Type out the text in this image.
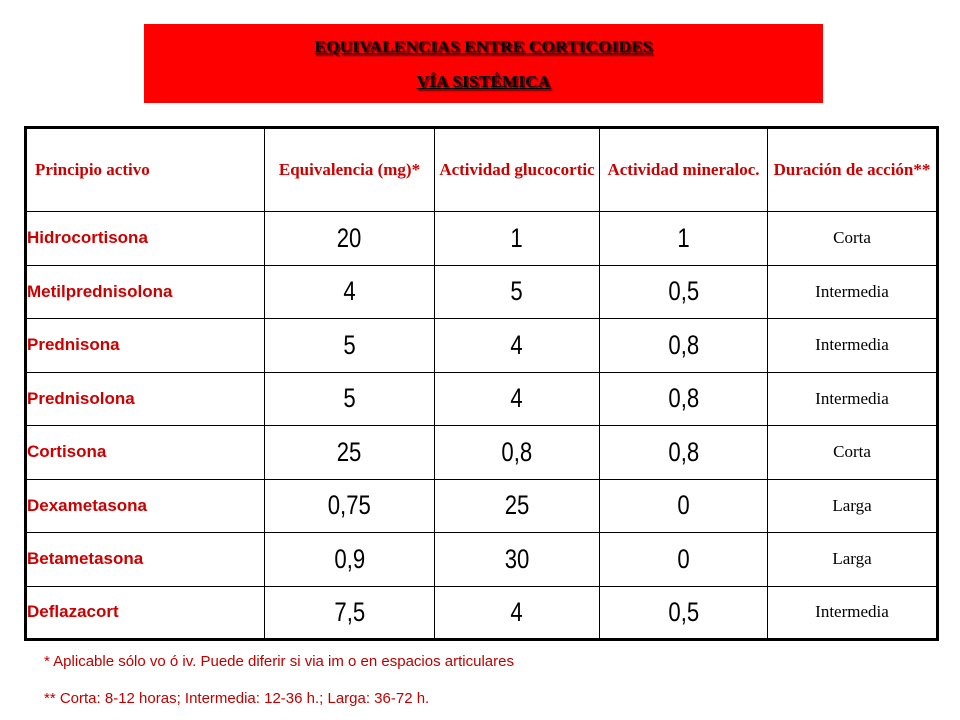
EQUIVALENCIAS ENTRE CORTICOIDES
VÍA SISTÉMICA
Principio activo	Equivalencia (mg)*	Actividad glucocortic	Actividad mineraloc.	Duración de acción**
Hidrocortisona	20	1	1	Corta
Metilprednisolona	4	5	0,5	Intermedia
Prednisona	5	4	0,8	Intermedia
Prednisolona	5	4	0,8	Intermedia
Cortisona	25	0,8	0,8	Corta
Dexametasona	0,75	25	0	Larga
Betametasona	0,9	30	0	Larga
Deflazacort	7,5	4	0,5	Intermedia
* Aplicable sólo vo ó iv. Puede diferir si via im o en espacios articulares
** Corta: 8-12 horas; Intermedia: 12-36 h.; Larga: 36-72 h.
